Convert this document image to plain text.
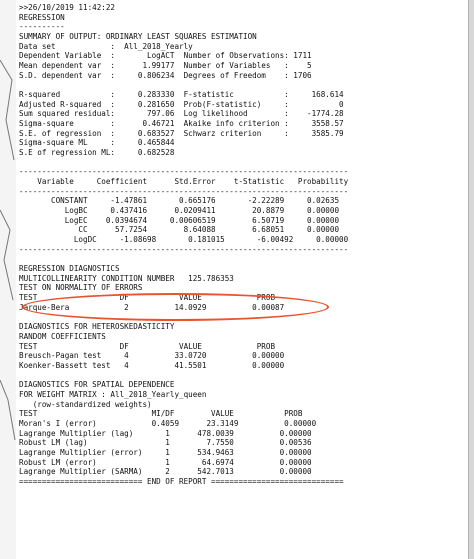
>>26/10/2019 11:42:22
REGRESSION
----------
SUMMARY OF OUTPUT: ORDINARY LEAST SQUARES ESTIMATION
Data set            :  All_2018_Yearly
Dependent Variable  :       LogACT  Number of Observations: 1711
Mean dependent var  :      1.99177  Number of Variables   :    5
S.D. dependent var  :     0.806234  Degrees of Freedom    : 1706

R-squared           :     0.283330  F-statistic           :     168.614
Adjusted R-squared  :     0.281650  Prob(F-statistic)     :           0
Sum squared residual:       797.06  Log likelihood        :    -1774.28
Sigma-square        :      0.46721  Akaike info criterion :     3558.57
S.E. of regression  :     0.683527  Schwarz criterion     :     3585.79
Sigma-square ML     :     0.465844
S.E of regression ML:     0.682528

------------------------------------------------------------------------
Variable     Coefficient      Std.Error    t-Statistic   Probability
------------------------------------------------------------------------
CONSTANT     -1.47861       0.665176       -2.22289     0.02635
LogBC     0.437416      0.0209411        20.8879     0.00000
LogEC    0.0394674     0.00606519        6.50719     0.00000
CC      57.7254        8.64088        6.68051     0.00000
LogDC     -1.08698       0.181015       -6.00492     0.00000
------------------------------------------------------------------------

REGRESSION DIAGNOSTICS
MULTICOLLINEARITY CONDITION NUMBER   125.786353
TEST ON NORMALITY OF ERRORS
TEST                  DF           VALUE            PROB
Jarque-Bera            2          14.0929          0.00087

DIAGNOSTICS FOR HETEROSKEDASTICITY
RANDOM COEFFICIENTS
TEST                  DF           VALUE            PROB
Breusch-Pagan test     4          33.0720          0.00000
Koenker-Bassett test   4          41.5501          0.00000

DIAGNOSTICS FOR SPATIAL DEPENDENCE
FOR WEIGHT MATRIX : All_2018_Yearly_queen
(row-standardized weights)
TEST                         MI/DF        VALUE           PROB
Moran's I (error)            0.4059      23.3149          0.00000
Lagrange Multiplier (lag)       1      478.0039          0.00000
Robust LM (lag)                 1        7.7550          0.00536
Lagrange Multiplier (error)     1      534.9463          0.00000
Robust LM (error)               1       64.6974          0.00000
Lagrange Multiplier (SARMA)     2      542.7013          0.00000
=========================== END OF REPORT =============================
